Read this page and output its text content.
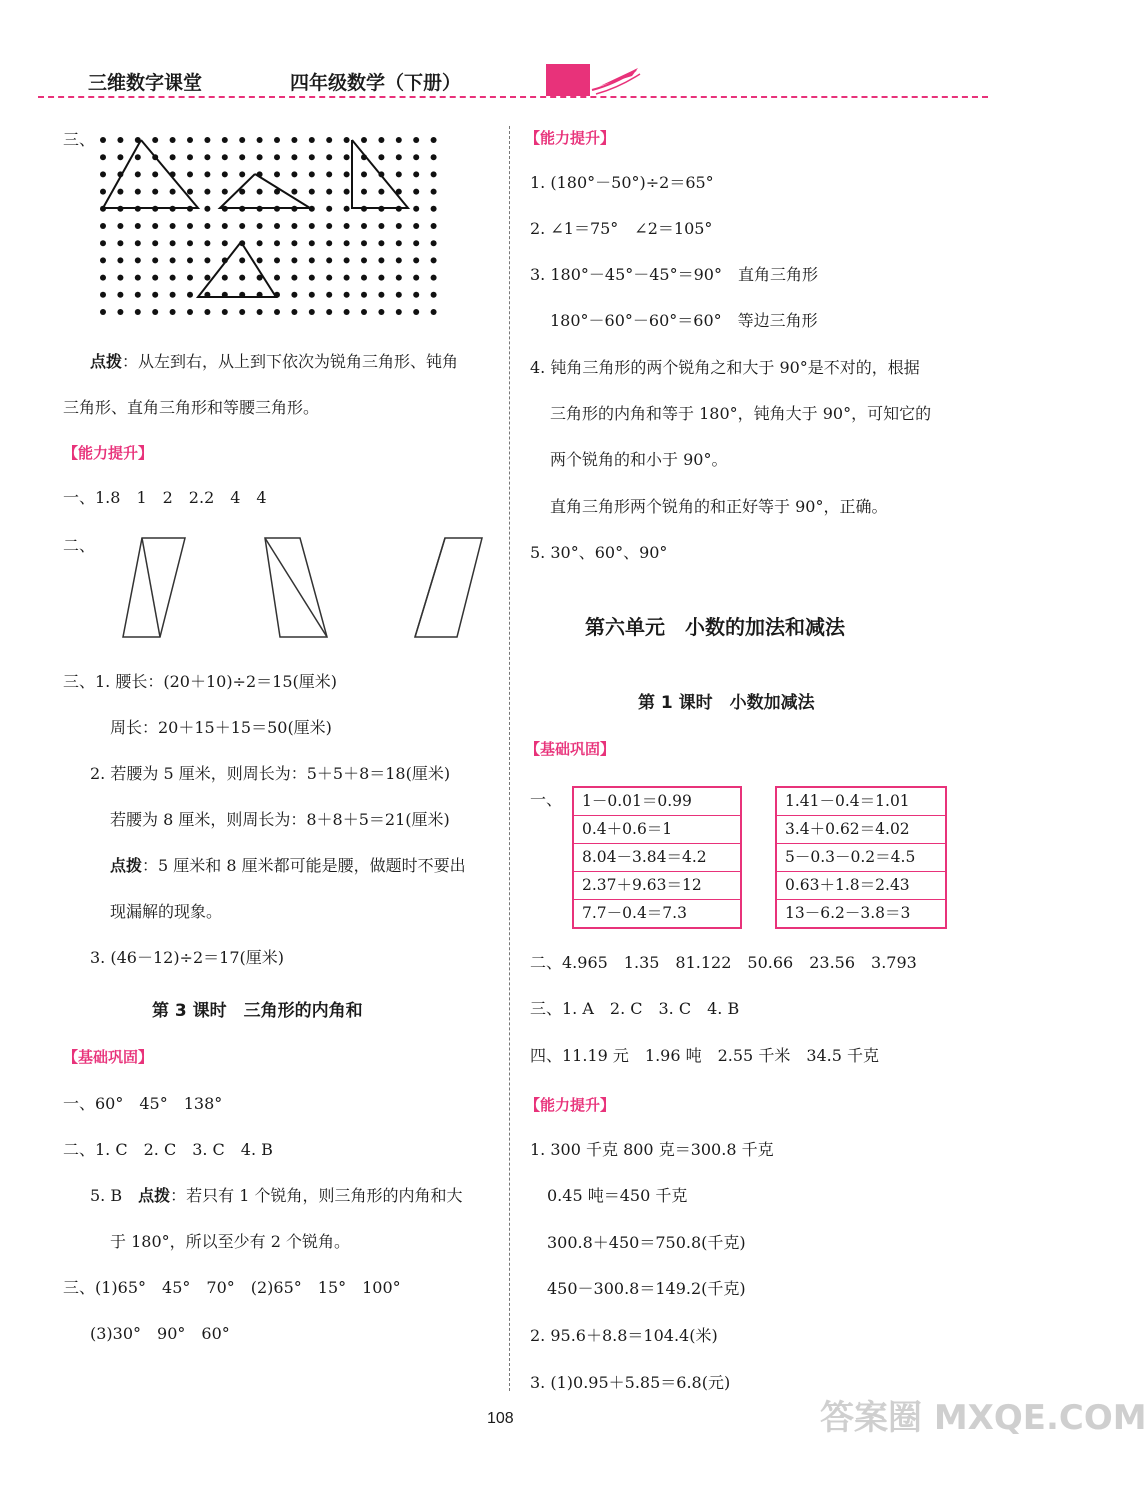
三维数字课堂	四年级数学（下册）
三、
点拨：从左到右，从上到下依次为锐角三角形、钝角
三角形、直角三角形和等腰三角形。
【能力提升】
一、1.8　1　2　2.2　4　4
二、
三、1. 腰长：(20＋10)÷2＝15(厘米)
周长：20＋15＋15＝50(厘米)
2. 若腰为 5 厘米，则周长为：5＋5＋8＝18(厘米)
若腰为 8 厘米，则周长为：8＋8＋5＝21(厘米)
点拨：5 厘米和 8 厘米都可能是腰，做题时不要出
现漏解的现象。
3. (46－12)÷2＝17(厘米)
第 3 课时　三角形的内角和
【基础巩固】
一、60°　45°　138°
二、1. C　2. C　3. C　4. B
5. B　 点拨：若只有 1 个锐角，则三角形的内角和大
于 180°，所以至少有 2 个锐角。
三、(1)65°　45°　70°　(2)65°　15°　100°
(3)30°　90°　60°
【能力提升】
1. (180°－50°)÷2＝65°
2. ∠1＝75°　∠2＝105°
3. 180°－45°－45°＝90°　直角三角形
180°－60°－60°＝60°　等边三角形
4. 钝角三角形的两个锐角之和大于 90°是不对的，根据
三角形的内角和等于 180°，钝角大于 90°，可知它的
两个锐角的和小于 90°。
直角三角形两个锐角的和正好等于 90°，正确。
5. 30°、60°、90°
第六单元　小数的加法和减法
第 1 课时　小数加减法
【基础巩固】
一、	1－0.01＝0.99
0.4＋0.6＝1
8.04－3.84＝4.2
2.37＋9.63＝12
7.7－0.4＝7.3
1.41－0.4＝1.01
3.4＋0.62＝4.02
5－0.3－0.2＝4.5
0.63＋1.8＝2.43
13－6.2－3.8＝3
二、4.965　1.35　81.122　50.66　23.56　3.793
三、1. A　2. C　3. C　4. B
四、11.19 元　1.96 吨　2.55 千米　34.5 千克
【能力提升】
1. 300 千克 800 克＝300.8 千克
0.45 吨＝450 千克
300.8＋450＝750.8(千克)
450－300.8＝149.2(千克)
2. 95.6＋8.8＝104.4(米)
3. (1)0.95＋5.85＝6.8(元)
108	答案圈 MXQE.COM
